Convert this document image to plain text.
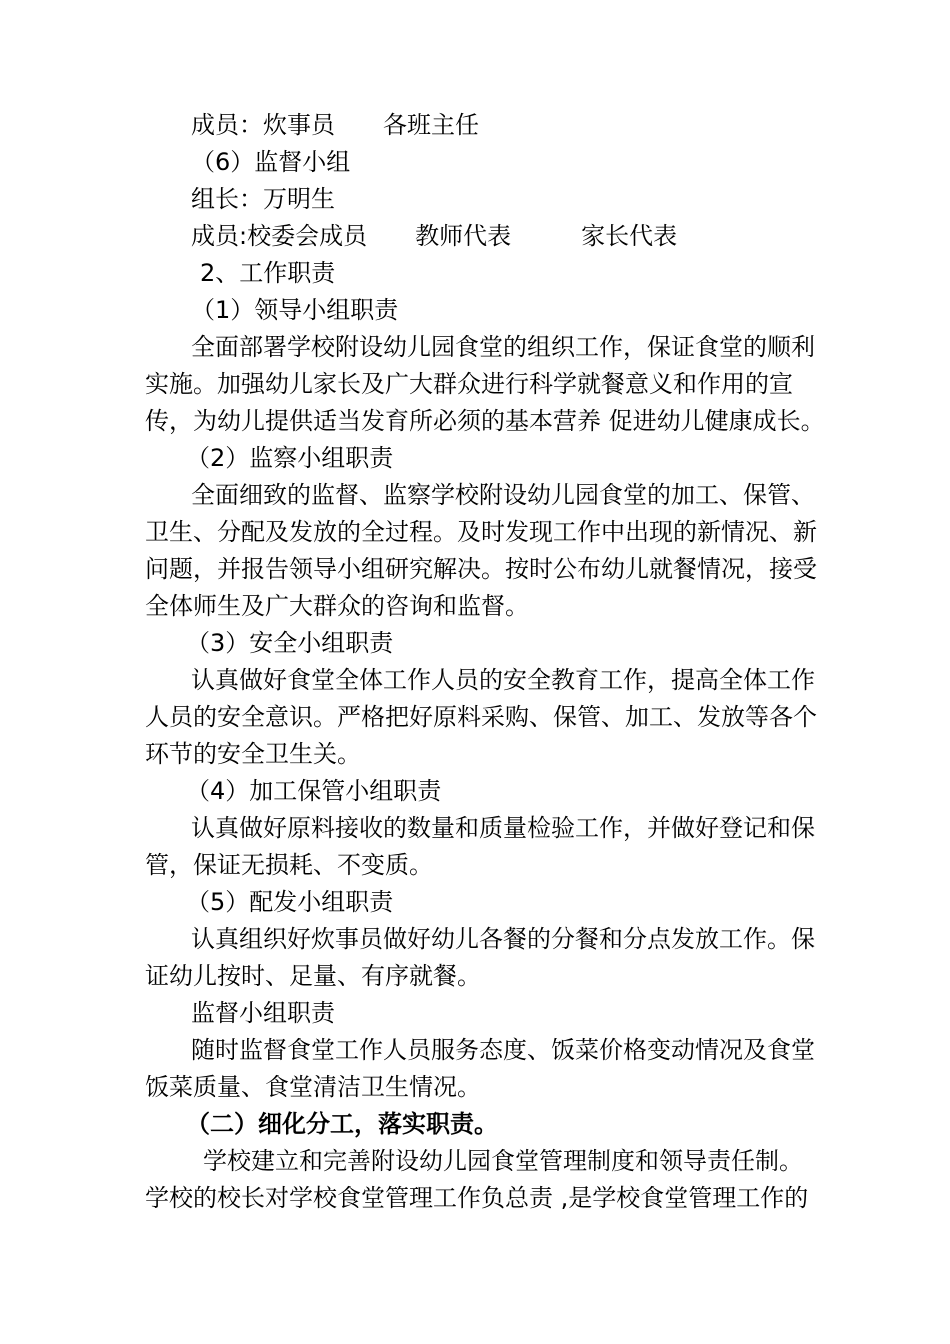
成员：炊事员 各班主任
（6）监督小组
组长：万明生
成员:校委会成员 教师代表	家长代表
2、工作职责
（1）领导小组职责
全面部署学校附设幼儿园食堂的组织工作，保证食堂的顺利
实施。加强幼儿家长及广大群众进行科学就餐意义和作用的宣
传，为幼儿提供适当发育所必须的基本营养 促进幼儿健康成长。
（2）监察小组职责
全面细致的监督、监察学校附设幼儿园食堂的加工、保管、
卫生、分配及发放的全过程。及时发现工作中出现的新情况、新
问题，并报告领导小组研究解决。按时公布幼儿就餐情况，接受
全体师生及广大群众的咨询和监督。
（3）安全小组职责
认真做好食堂全体工作人员的安全教育工作，提高全体工作
人员的安全意识。严格把好原料采购、保管、加工、发放等各个
环节的安全卫生关。
（4）加工保管小组职责
认真做好原料接收的数量和质量检验工作，并做好登记和保
管，保证无损耗、不变质。
（5）配发小组职责
认真组织好炊事员做好幼儿各餐的分餐和分点发放工作。保
证幼儿按时、足量、有序就餐。
监督小组职责
随时监督食堂工作人员服务态度、饭菜价格变动情况及食堂
饭菜质量、食堂清洁卫生情况。
（二）细化分工，落实职责。
学校建立和完善附设幼儿园食堂管理制度和领导责任制。
学校的校长对学校食堂管理工作负总责 ,是学校食堂管理工作的
